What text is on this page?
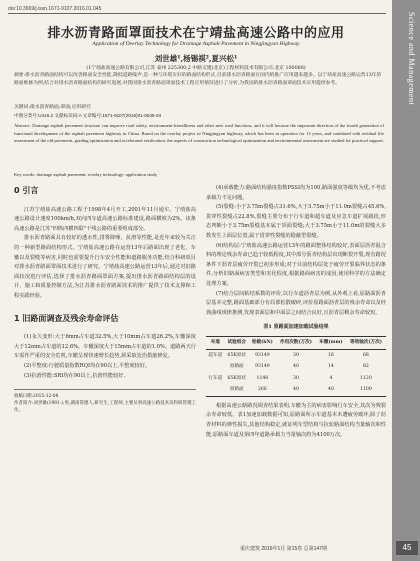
doi:10.3969/j.issn.1671-9107.2016.01.045
排水沥青路面罩面技术在宁靖盐高速公路中的应用
Application of Overlay Technology for Drainage Asphalt Pavement in Ningjingyan Highway
刘世雄¹,杨锡祺²,夏兴松¹
(1宁靖盐高速公路有限公司,江苏 泰州 225300;2 中路交建(北京)工程材料技术有限公司,北京 100088)
摘要:排水沥青路面结构可以改善路面安全性能,降低道路噪声,是一种与环境友好的路面结构形式,目前排水沥青路面在国内的推广应用越来越多。以宁靖盐高速公路运营13年的路面维修为例,结合对排水沥青路面结构的研究进展,对我国排水沥青路面罩面技术工程应用情况进行了分析,为我国的排水沥青路面罩面技术应用提供参考。
关键词:排水沥青路面;罩面;应用研究
中图分类号:U416.2 文献标识码:A 文章编号:1671-9107(2016)01-0045-04
Abstract: Drainage asphalt pavement structure can improve road safety, environment-friendliness and other new road functions, and it will become the important direction of the fourth generation of functional development of the asphalt pavement highway in China. Based on the overlay project of Ningjingyan highway, which has been in operation for 13 years, and combined with residual life assessment of the old pavement, grading optimization and accelerated verification, the aspects of construction technological optimization and environmental assessment are studied for practical support.
Key words: drainage asphalt pavement; overlay technology; application study
0 引言

江苏宁靖盐高速公路工程于1998年4月开工,2001年11月通车。宁靖盐高速公路设计速度100km/h,双向四车道高速公路标准建设,路面横坡为2%。该条高速公路是江苏"四纵四横四联"干线公路的重要组成部分。

排水沥青路面具有较好的透水性,排雾降噪、抗滑等性能,是近年来较为关注的一种新型路面结构形式。宁靖盐高速公路在运营13年后路面出现了老化、车辙以及裂缝等病害,同时也需要提升行车安全性能和道路服务功能,结合科研项目对排水沥青路面罩面技术进行了研究。宁靖盐高速公路运营13年后,通过对旧路面状况进行评估,选择了排水沥青路面罩面方案,提出排水沥青路面结构层的设计、施工和质量控制方法,为江苏排水沥青路面技术的推广提供了技术支撑和工程实践经验。

1 旧路面调查及残余寿命评估

(1)永久变形:大于6mm占车道32.5%,大于10mm占车道26.2%,车辙深度大于12mm占车道的12.6%。车辙深度大于15mm占车道的1.0%。道路两天行车需作严重的安全危机,车辙呈现快速增长趋势,须采取处治措施修复。

(2)平整度:行驶质量指数RQI均在90以上,平整度较好。

(3)抗滑性能:SRI均在90以上,抗滑性能较好。

收稿日期:2015-12-08
作者简介:刘世雄(1981-),男,湖南常德人,研究生,工程师,主要从事高速公路技术及科研管理工作。

(4)承载能力:路面结构强度指数PSSI均为100,路面强度等级均为优,不考虑承载力不足问题。

(5)裂缝:小于3.75m裂缝占31.6%,大于3.75m小于11.0m裂缝占45.6%,贯穿性裂缝占22.8%,裂缝主要分布于行车道和超车道及应急车道扩展路段,形态判断小于3.75m裂缝基本属于顶面裂缝;大于3.75m小于11.0m的裂缝大多数发生上面层位置,属于贯穿性裂缝的隐蔽型裂缝。

(6)结构层:宁靖盐高速公路运营13年的路面整体结构较好,表面层沥青混合料的理论残余寿命已趋于较低程度,其中部分沥青结构层出现断裂开裂,现有路况条件下沥青层疲劳开裂已初步形成;对于目前结构层处于疲劳开裂临界状态的条件,分析旧路面病害类型和劣化程度,根据路面病害的成因,使用科学的方法确定处理方案。

(7)结合层间粘结系数的评价,以行车道沥青层为例,从外观上看,原路面沥青层基本完整,路面基础部分有局部松散破碎,评价原路面沥青层的残余寿命以及经典曲线规律推测,发现表面层和中面层之间结合良好,且沥青层剩余寿命较短。

表1 原路面加速加载试验结果
车道	试验组合	轮载(kN)	作用次数(万次)	车辙(mm)	等效轴次(万次)
超车道	65K原状	93149	30	16	68
	原路面	93149	40	14	82
行车道	65K原状	1148	30	4	1120
	原路面	266	40	40	1100

根据高速公路路况调查结果表明,车辙为主的病害影响行车安全,其次为残裂余寿命较低。表1加速加载数据可知,原路面所示车道基本未遭疲劳破坏,除了沥青材料的弹性损失,其他结构稳定,就证明车型结构与抗轮路面结构当量轴次和性能,原路面车道及第四年道路承载力当量轴次约为4100万次。

重庆建筑 2016年1月 第15卷 总第147期
Science and Management
45
